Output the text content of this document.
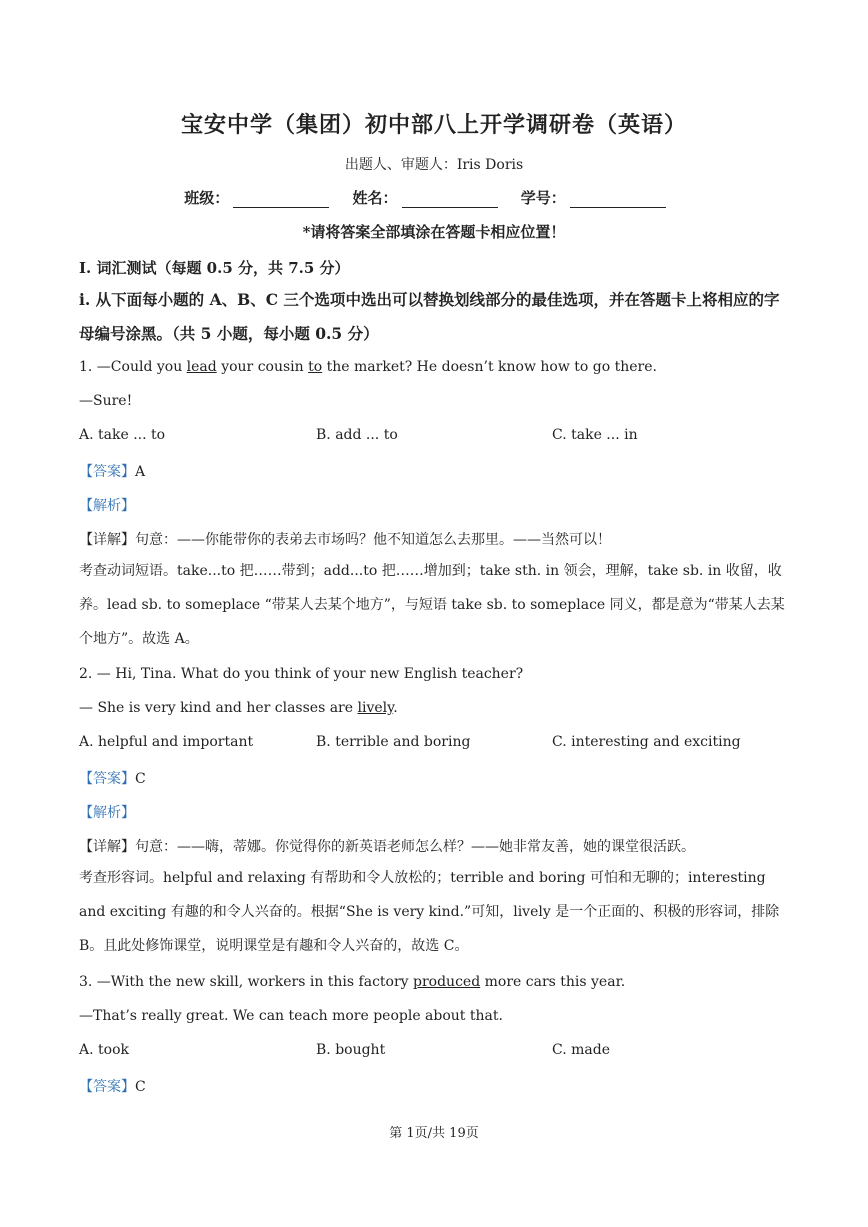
宝安中学（集团）初中部八上开学调研卷（英语）
出题人、审题人：Iris Doris
班级：	姓名：	学号：
*请将答案全部填涂在答题卡相应位置！
I. 词汇测试（每题 0.5 分，共 7.5 分）
i. 从下面每小题的 A、B、C 三个选项中选出可以替换划线部分的最佳选项，并在答题卡上将相应的字母编号涂黑。（共 5 小题，每小题 0.5 分）
1. —Could you lead your cousin to the market? He doesn’t know how to go there.
—Sure!
A. take ... to	B. add ... to	C. take ... in
【答案】A
【解析】
【详解】句意：——你能带你的表弟去市场吗？他不知道怎么去那里。——当然可以！
考查动词短语。take...to 把……带到；add...to 把……增加到；take sth. in 领会，理解，take sb. in 收留，收养。lead sb. to someplace “带某人去某个地方”，与短语 take sb. to someplace 同义，都是意为“带某人去某个地方”。故选 A。
2. — Hi, Tina. What do you think of your new English teacher?
— She is very kind and her classes are lively.
A. helpful and important	B. terrible and boring	C. interesting and exciting
【答案】C
【解析】
【详解】句意：——嗨，蒂娜。你觉得你的新英语老师怎么样？——她非常友善，她的课堂很活跃。
考查形容词。helpful and relaxing 有帮助和令人放松的；terrible and boring 可怕和无聊的；interesting and exciting 有趣的和令人兴奋的。根据“She is very kind.”可知，lively 是一个正面的、积极的形容词，排除 B。且此处修饰课堂，说明课堂是有趣和令人兴奋的，故选 C。
3. —With the new skill, workers in this factory produced more cars this year.
—That’s really great. We can teach more people about that.
A. took	B. bought	C. made
【答案】C
第 1页/共 19页
